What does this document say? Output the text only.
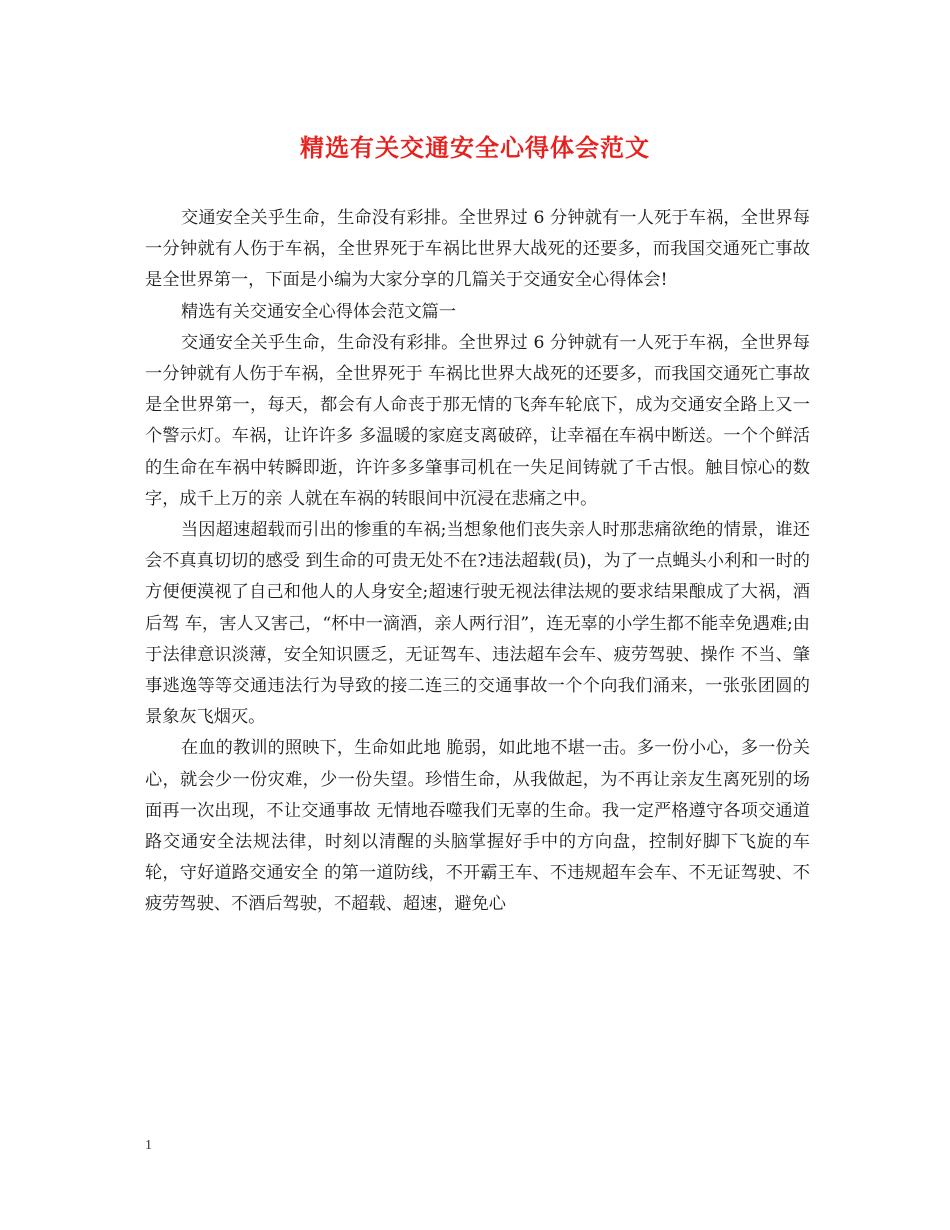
精选有关交通安全心得体会范文

交通安全关乎生命，生命没有彩排。全世界过 6 分钟就有一人死于车祸，全世界每一分钟就有人伤于车祸，全世界死于车祸比世界大战死的还要多，而我国交通死亡事故是全世界第一，下面是小编为大家分享的几篇关于交通安全心得体会!

精选有关交通安全心得体会范文篇一

交通安全关乎生命，生命没有彩排。全世界过 6 分钟就有一人死于车祸，全世界每一分钟就有人伤于车祸，全世界死于 车祸比世界大战死的还要多，而我国交通死亡事故是全世界第一，每天，都会有人命丧于那无情的飞奔车轮底下，成为交通安全路上又一个警示灯。车祸，让许许多 多温暖的家庭支离破碎，让幸福在车祸中断送。一个个鲜活的生命在车祸中转瞬即逝，许许多多肇事司机在一失足间铸就了千古恨。触目惊心的数字，成千上万的亲 人就在车祸的转眼间中沉浸在悲痛之中。

当因超速超载而引出的惨重的车祸;当想象他们丧失亲人时那悲痛欲绝的情景，谁还会不真真切切的感受 到生命的可贵无处不在?违法超载(员)，为了一点蝇头小利和一时的方便便漠视了自己和他人的人身安全;超速行驶无视法律法规的要求结果酿成了大祸，酒后驾 车，害人又害己，“杯中一滴酒，亲人两行泪”，连无辜的小学生都不能幸免遇难;由于法律意识淡薄，安全知识匮乏，无证驾车、违法超车会车、疲劳驾驶、操作 不当、肇事逃逸等等交通违法行为导致的接二连三的交通事故一个个向我们涌来，一张张团圆的景象灰飞烟灭。

在血的教训的照映下，生命如此地 脆弱，如此地不堪一击。多一份小心，多一份关心，就会少一份灾难，少一份失望。珍惜生命，从我做起，为不再让亲友生离死别的场面再一次出现，不让交通事故 无情地吞噬我们无辜的生命。我一定严格遵守各项交通道路交通安全法规法律，时刻以清醒的头脑掌握好手中的方向盘，控制好脚下飞旋的车轮，守好道路交通安全 的第一道防线，不开霸王车、不违规超车会车、不无证驾驶、不疲劳驾驶、不酒后驾驶，不超载、超速，避免心

1
